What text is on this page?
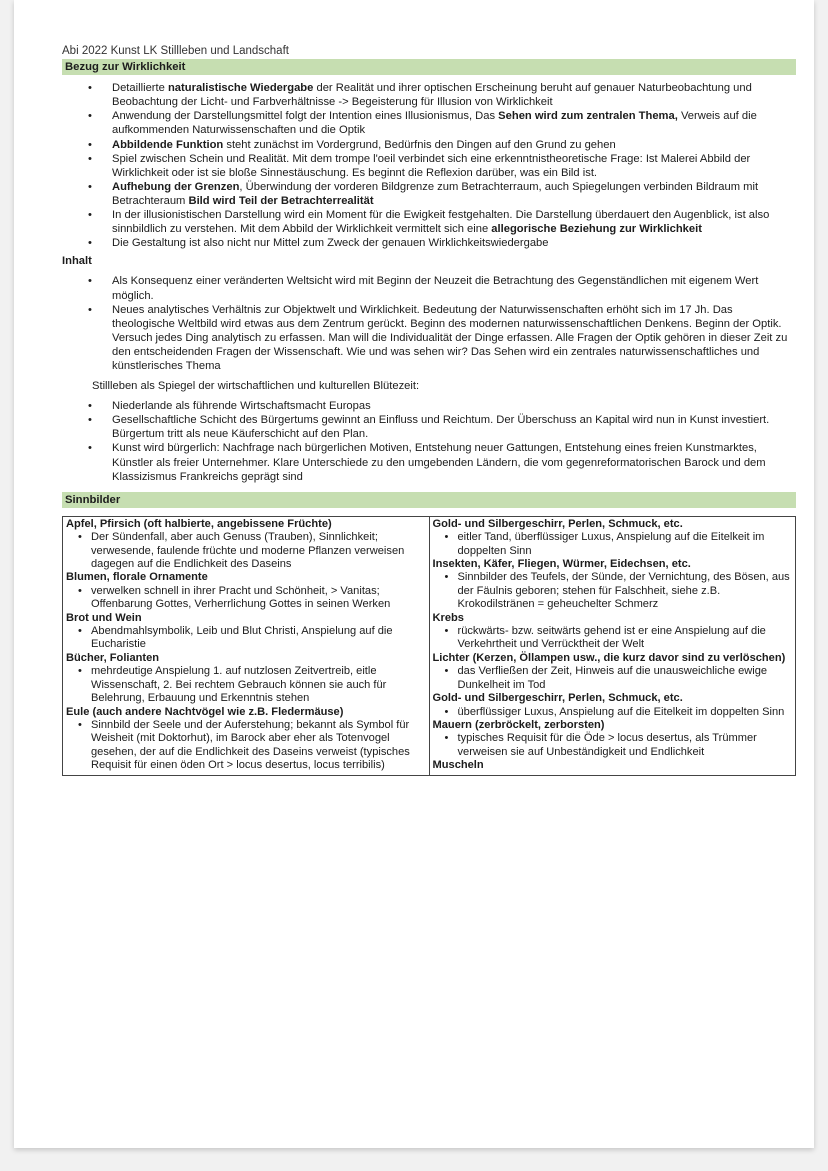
Abi 2022 Kunst LK Stillleben und Landschaft
Bezug zur Wirklichkeit
• Detaillierte naturalistische Wiedergabe der Realität und ihrer optischen Erscheinung beruht auf genauer Naturbeobachtung und Beobachtung der Licht- und Farbverhältnisse -> Begeisterung für Illusion von Wirklichkeit
• Anwendung der Darstellungsmittel folgt der Intention eines Illusionismus, Das Sehen wird zum zentralen Thema, Verweis auf die aufkommenden Naturwissenschaften und die Optik
• Abbildende Funktion steht zunächst im Vordergrund, Bedürfnis den Dingen auf den Grund zu gehen
• Spiel zwischen Schein und Realität. Mit dem trompe l'oeil verbindet sich eine erkenntnistheoretische Frage: Ist Malerei Abbild der Wirklichkeit oder ist sie bloße Sinnestäuschung. Es beginnt die Reflexion darüber, was ein Bild ist.
• Aufhebung der Grenzen, Überwindung der vorderen Bildgrenze zum Betrachterraum, auch Spiegelungen verbinden Bildraum mit Betrachteraum Bild wird Teil der Betrachterrealität
• In der illusionistischen Darstellung wird ein Moment für die Ewigkeit festgehalten. Die Darstellung überdauert den Augenblick, ist also sinnbildlich zu verstehen. Mit dem Abbild der Wirklichkeit vermittelt sich eine allegorische Beziehung zur Wirklichkeit
• Die Gestaltung ist also nicht nur Mittel zum Zweck der genauen Wirklichkeitswiedergabe
Inhalt
• Als Konsequenz einer veränderten Weltsicht wird mit Beginn der Neuzeit die Betrachtung des Gegenständlichen mit eigenem Wert möglich.
• Neues analytisches Verhältnis zur Objektwelt und Wirklichkeit. Bedeutung der Naturwissenschaften erhöht sich im 17 Jh. Das theologische Weltbild wird etwas aus dem Zentrum gerückt. Beginn des modernen naturwissenschaftlichen Denkens. Beginn der Optik. Versuch jedes Ding analytisch zu erfassen. Man will die Individualität der Dinge erfassen. Alle Fragen der Optik gehören in dieser Zeit zu den entscheidenden Fragen der Wissenschaft. Wie und was sehen wir? Das Sehen wird ein zentrales naturwissenschaftliches und künstlerisches Thema
Stillleben als Spiegel der wirtschaftlichen und kulturellen Blütezeit:
• Niederlande als führende Wirtschaftsmacht Europas
• Gesellschaftliche Schicht des Bürgertums gewinnt an Einfluss und Reichtum. Der Überschuss an Kapital wird nun in Kunst investiert. Bürgertum tritt als neue Käuferschicht auf den Plan.
• Kunst wird bürgerlich: Nachfrage nach bürgerlichen Motiven, Entstehung neuer Gattungen, Entstehung eines freien Kunstmarktes, Künstler als freier Unternehmer. Klare Unterschiede zu den umgebenden Ländern, die vom gegenreformatorischen Barock und dem Klassizismus Frankreichs geprägt sind
Sinnbilder
Apfel, Pfirsich (oft halbierte, angebissene Früchte)
• Der Sündenfall, aber auch Genuss (Trauben), Sinnlichkeit; verwesende, faulende früchte und moderne Pflanzen verweisen dagegen auf die Endlichkeit des Daseins
Blumen, florale Ornamente
• verwelken schnell in ihrer Pracht und Schönheit, > Vanitas; Offenbarung Gottes, Verherrlichung Gottes in seinen Werken
Brot und Wein
• Abendmahlsymbolik, Leib und Blut Christi, Anspielung auf die Eucharistie
Bücher, Folianten
• mehrdeutige Anspielung 1. auf nutzlosen Zeitvertreib, eitle Wissenschaft, 2. Bei rechtem Gebrauch können sie auch für Belehrung, Erbauung und Erkenntnis stehen
Eule (auch andere Nachtvögel wie z.B. Fledermäuse)
• Sinnbild der Seele und der Auferstehung; bekannt als Symbol für Weisheit (mit Doktorhut), im Barock aber eher als Totenvogel gesehen, der auf die Endlichkeit des Daseins verweist (typisches Requisit für einen öden Ort > locus desertus, locus terribilis)

Gold- und Silbergeschirr, Perlen, Schmuck, etc.
• eitler Tand, überflüssiger Luxus, Anspielung auf die Eitelkeit im doppelten Sinn
Insekten, Käfer, Fliegen, Würmer, Eidechsen, etc.
• Sinnbilder des Teufels, der Sünde, der Vernichtung, des Bösen, aus der Fäulnis geboren; stehen für Falschheit, siehe z.B. Krokodilstränen = geheuchelter Schmerz
Krebs
• rückwärts- bzw. seitwärts gehend ist er eine Anspielung auf die Verkehrtheit und Verrücktheit der Welt
Lichter (Kerzen, Öllampen usw., die kurz davor sind zu verlöschen)
• das Verfließen der Zeit, Hinweis auf die unausweichliche ewige Dunkelheit im Tod
Gold- und Silbergeschirr, Perlen, Schmuck, etc.
• überflüssiger Luxus, Anspielung auf die Eitelkeit im doppelten Sinn
Mauern (zerbröckelt, zerborsten)
• typisches Requisit für die Öde > locus desertus, als Trümmer verweisen sie auf Unbeständigkeit und Endlichkeit
Muscheln
